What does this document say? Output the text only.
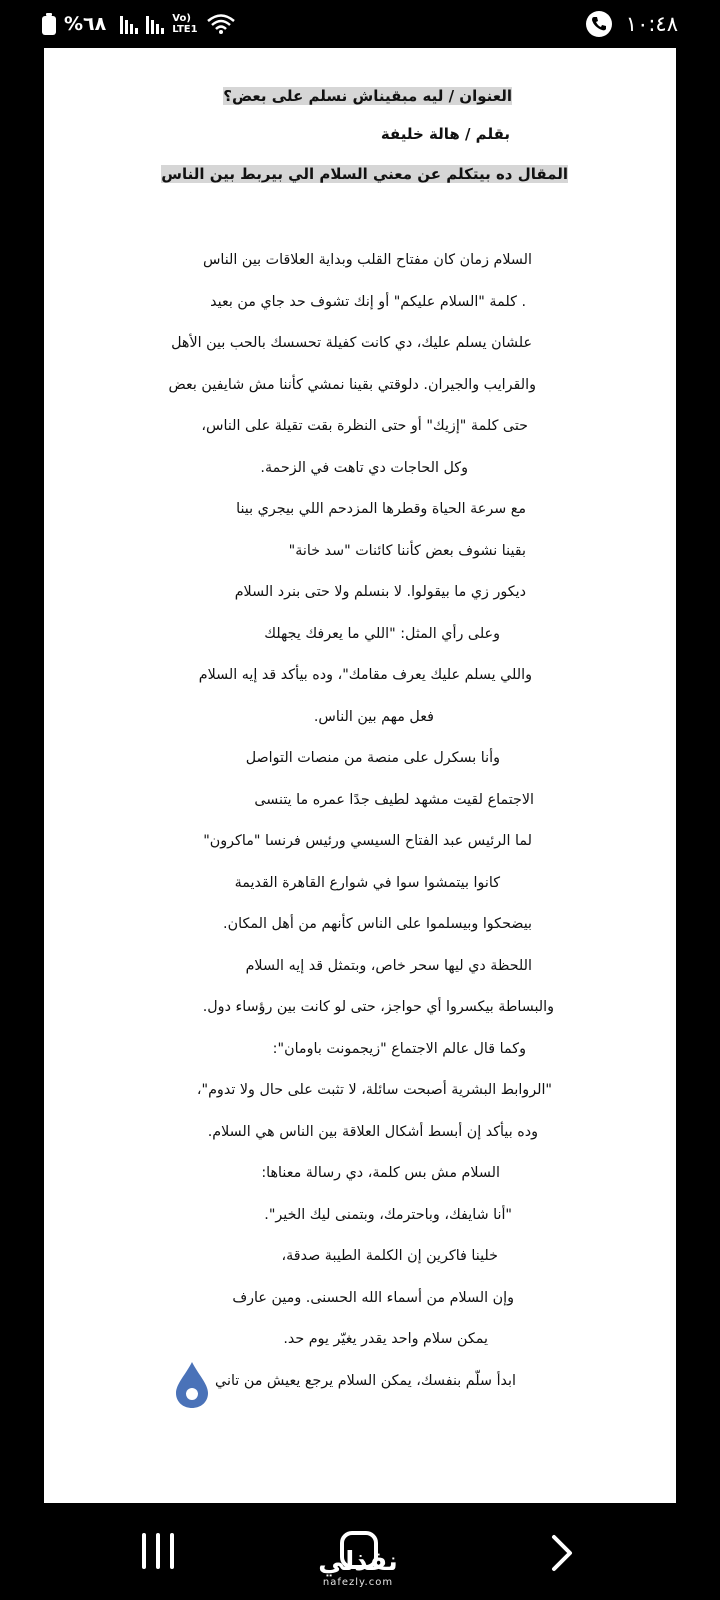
%٦٨	Vo)
LTE1	١٠:٤٨
العنوان / ليه مبقيناش نسلم على بعض؟
بقلم / هالة خليفة
المقال ده بيتكلم عن معني السلام الي بيربط بين الناس
السلام زمان كان مفتاح القلب وبداية العلاقات بين الناس
. كلمة "السلام عليكم" أو إنك تشوف حد جاي من بعيد
علشان يسلم عليك، دي كانت كفيلة تحسسك بالحب بين الأهل
والقرايب والجيران. دلوقتي بقينا نمشي كأننا مش شايفين بعض
حتى كلمة "إزيك" أو حتى النظرة بقت تقيلة على الناس،
وكل الحاجات دي تاهت في الزحمة.
مع سرعة الحياة وقطرها المزدحم اللي بيجري بينا
بقينا نشوف بعض كأننا كائنات "سد خانة"
ديكور زي ما بيقولوا. لا بنسلم ولا حتى بنرد السلام
وعلى رأي المثل: "اللي ما يعرفك يجهلك
واللي يسلم عليك يعرف مقامك"، وده بيأكد قد إيه السلام
فعل مهم بين الناس.
وأنا بسكرل على منصة من منصات التواصل
الاجتماع لقيت مشهد لطيف جدًا عمره ما يتنسى
لما الرئيس عبد الفتاح السيسي ورئيس فرنسا "ماكرون"
كانوا بيتمشوا سوا في شوارع القاهرة القديمة
بيضحكوا وبيسلموا على الناس كأنهم من أهل المكان.
اللحظة دي ليها سحر خاص، وبتمثل قد إيه السلام
والبساطة بيكسروا أي حواجز، حتى لو كانت بين رؤساء دول.
وكما قال عالم الاجتماع "زيجمونت باومان":
"الروابط البشرية أصبحت سائلة، لا تثبت على حال ولا تدوم"،
وده بيأكد إن أبسط أشكال العلاقة بين الناس هي السلام.
السلام مش بس كلمة، دي رسالة معناها:
"أنا شايفك، وباحترمك، وبتمنى ليك الخير".
خلينا فاكرين إن الكلمة الطيبة صدقة،
وإن السلام من أسماء الله الحسنى. ومين عارف
يمكن سلام واحد يقدر يغيّر يوم حد.
ابدأ سلّم بنفسك، يمكن السلام يرجع يعيش من تاني
نفذلي
nafezly.com
